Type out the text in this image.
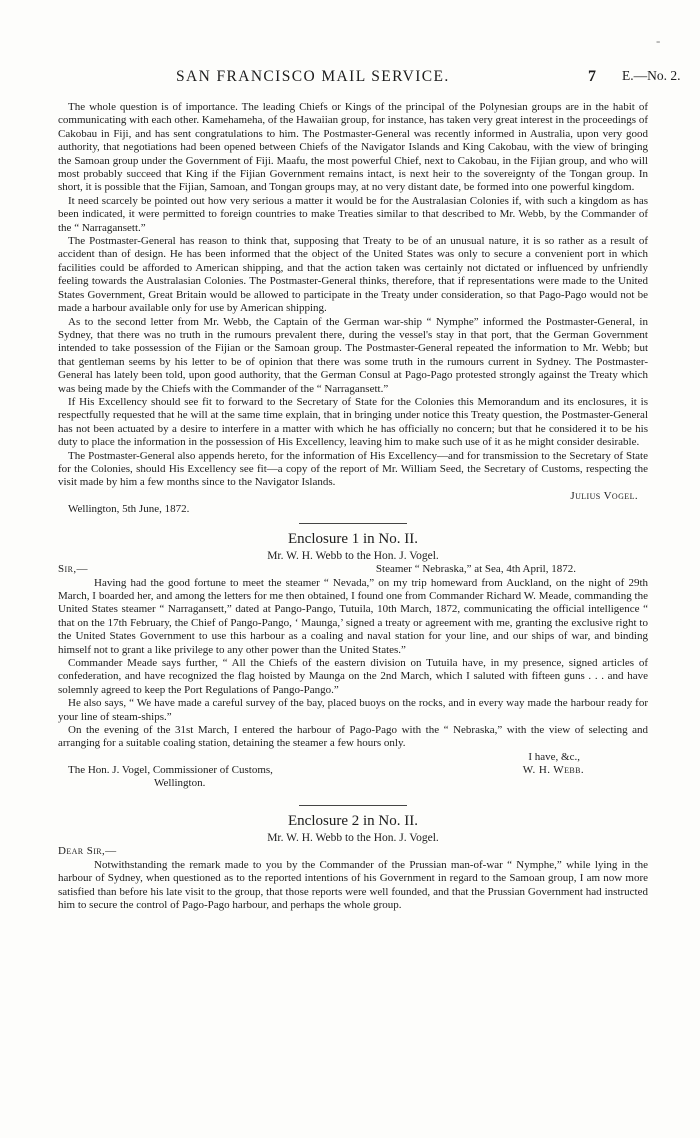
-
SAN FRANCISCO MAIL SERVICE.	7 E.—No. 2.

The whole question is of importance. The leading Chiefs or Kings of the principal of the Polynesian groups are in the habit of communicating with each other. Kamehameha, of the Hawaiian group, for instance, has taken very great interest in the proceedings of Cakobau in Fiji, and has sent congratulations to him. The Postmaster-General was recently informed in Australia, upon very good authority, that negotiations had been opened between Chiefs of the Navigator Islands and King Cakobau, with the view of bringing the Samoan group under the Government of Fiji. Maafu, the most powerful Chief, next to Cakobau, in the Fijian group, and who will most probably succeed that King if the Fijian Government remains intact, is next heir to the sovereignty of the Tongan group. In short, it is possible that the Fijian, Samoan, and Tongan groups may, at no very distant date, be formed into one powerful kingdom.

It need scarcely be pointed out how very serious a matter it would be for the Australasian Colonies if, with such a kingdom as has been indicated, it were permitted to foreign countries to make Treaties similar to that described to Mr. Webb, by the Commander of the “ Narragansett.”

The Postmaster-General has reason to think that, supposing that Treaty to be of an unusual nature, it is so rather as a result of accident than of design. He has been informed that the object of the United States was only to secure a convenient port in which facilities could be afforded to American shipping, and that the action taken was certainly not dictated or influenced by unfriendly feeling towards the Australasian Colonies. The Postmaster-General thinks, therefore, that if representations were made to the United States Government, Great Britain would be allowed to participate in the Treaty under consideration, so that Pago-Pago would not be made a harbour available only for use by American shipping.

As to the second letter from Mr. Webb, the Captain of the German war-ship “ Nymphe” informed the Postmaster-General, in Sydney, that there was no truth in the rumours prevalent there, during the vessel's stay in that port, that the German Government intended to take possession of the Fijian or the Samoan group. The Postmaster-General repeated the information to Mr. Webb; but that gentleman seems by his letter to be of opinion that there was some truth in the rumours current in Sydney. The Postmaster-General has lately been told, upon good authority, that the German Consul at Pago-Pago protested strongly against the Treaty which was being made by the Chiefs with the Commander of the “ Narragansett.”

If His Excellency should see fit to forward to the Secretary of State for the Colonies this Memorandum and its enclosures, it is respectfully requested that he will at the same time explain, that in bringing under notice this Treaty question, the Postmaster-General has not been actuated by a desire to interfere in a matter with which he has officially no concern; but that he considered it to be his duty to place the information in the possession of His Excellency, leaving him to make such use of it as he might consider desirable.

The Postmaster-General also appends hereto, for the information of His Excellency—and for transmission to the Secretary of State for the Colonies, should His Excellency see fit—a copy of the report of Mr. William Seed, the Secretary of Customs, respecting the visit made by him a few months since to the Navigator Islands.

Julius Vogel.

Wellington, 5th June, 1872.

Enclosure 1 in No. II.

Mr. W. H. Webb to the Hon. J. Vogel.

Sir,—	Steamer “ Nebraska,” at Sea, 4th April, 1872.

Having had the good fortune to meet the steamer “ Nevada,” on my trip homeward from Auckland, on the night of 29th March, I boarded her, and among the letters for me then obtained, I found one from Commander Richard W. Meade, commanding the United States steamer “ Narragansett,” dated at Pango-Pango, Tutuila, 10th March, 1872, communicating the official intelligence “ that on the 17th February, the Chief of Pango-Pango, ‘ Maunga,’ signed a treaty or agreement with me, granting the exclusive right to the United States Government to use this harbour as a coaling and naval station for your line, and our ships of war, and binding himself not to grant a like privilege to any other power than the United States.”

Commander Meade says further, “ All the Chiefs of the eastern division on Tutuila have, in my presence, signed articles of confederation, and have recognized the flag hoisted by Maunga on the 2nd March, which I saluted with fifteen guns . . . and have solemnly agreed to keep the Port Regulations of Pango-Pango.”

He also says, “ We have made a careful survey of the bay, placed buoys on the rocks, and in every way made the harbour ready for your line of steam-ships.”

On the evening of the 31st March, I entered the harbour of Pago-Pago with the “ Nebraska,” with the view of selecting and arranging for a suitable coaling station, detaining the steamer a few hours only.

I have, &c.,

The Hon. J. Vogel, Commissioner of Customs,
Wellington.
W. H. Webb.

Enclosure 2 in No. II.

Mr. W. H. Webb to the Hon. J. Vogel.

Dear Sir,—

Notwithstanding the remark made to you by the Commander of the Prussian man-of-war “ Nymphe,” while lying in the harbour of Sydney, when questioned as to the reported intentions of his Government in regard to the Samoan group, I am now more satisfied than before his late visit to the group, that those reports were well founded, and that the Prussian Government had instructed him to secure the control of Pago-Pago harbour, and perhaps the whole group.
